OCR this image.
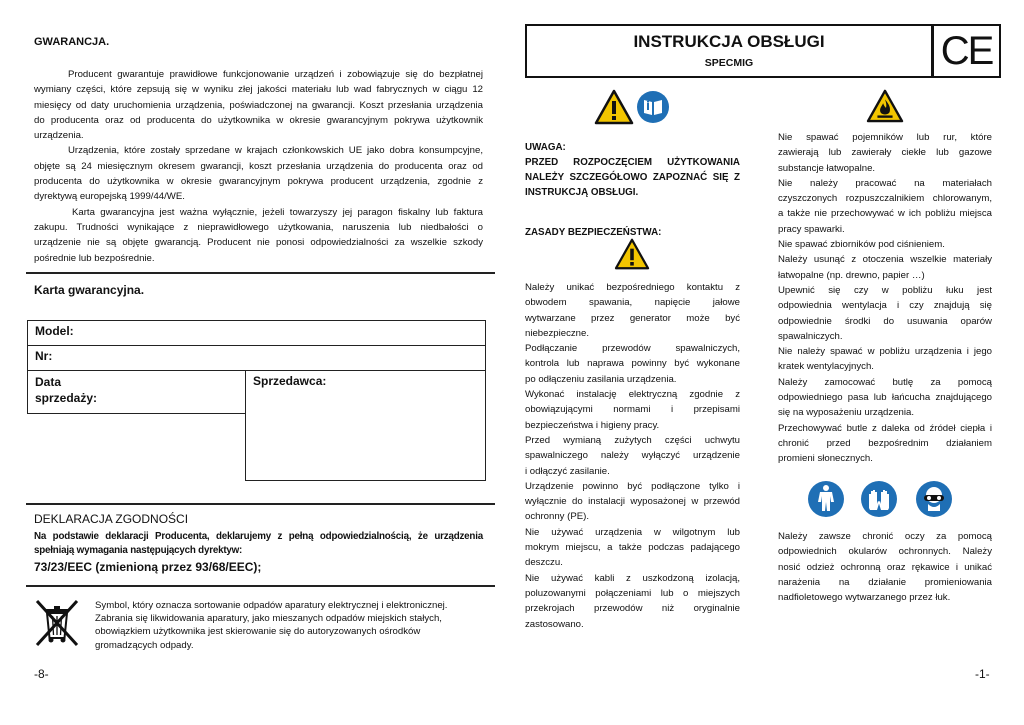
GWARANCJA.
Producent gwarantuje prawidłowe funkcjonowanie urządzeń i zobowiązuje się do bezpłatnej
wymiany części, które zepsują się w wyniku złej jakości materiału lub wad fabrycznych w ciągu 12
miesięcy od daty uruchomienia urządzenia, poświadczonej na gwarancji. Koszt przesłania urządzenia
do producenta oraz od producenta do użytkownika w okresie gwarancyjnym pokrywa użytkownik
urządzenia.
Urządzenia, które zostały sprzedane w krajach członkowskich UE jako dobra konsumpcyjne,
objęte są 24 miesięcznym okresem gwarancji, koszt przesłania urządzenia do producenta oraz od
producenta do użytkownika w okresie gwarancyjnym pokrywa producent urządzenia, zgodnie z
dyrektywą europejską 1999/44/WE.
Karta gwarancyjna jest ważna wyłącznie, jeżeli towarzyszy jej paragon fiskalny lub faktura
zakupu. Trudności wynikające z nieprawidłowego użytkowania, naruszenia lub niedbałości o
urządzenie nie są objęte gwarancją. Producent nie ponosi odpowiedzialności za wszelkie szkody
pośrednie lub bezpośrednie.
Karta gwarancyjna.
Model:
Nr:
Data
sprzedaży:
Sprzedawca:
DEKLARACJA ZGODNOŚCI
Na podstawie deklaracji Producenta, deklarujemy z pełną odpowiedzialnością, że urządzenia
spełniają wymagania następujących dyrektyw:
73/23/EEC (zmienioną przez 93/68/EEC);
Symbol, który oznacza sortowanie odpadów aparatury elektrycznej i elektronicznej.
Zabrania się likwidowania aparatury, jako mieszanych odpadów miejskich stałych,
obowiązkiem użytkownika jest skierowanie się do autoryzowanych ośrodków
gromadzących odpady.
-8-
INSTRUKCJA OBSŁUGI
SPECMIG	CE
UWAGA:
PRZED ROZPOCZĘCIEM UŻYTKOWANIA
NALEŻY SZCZEGÓŁOWO ZAPOZNAĆ SIĘ Z
INSTRUKCJĄ OBSŁUGI.
ZASADY BEZPIECZEŃSTWA:
Należy unikać bezpośredniego kontaktu z
obwodem spawania, napięcie jałowe
wytwarzane przez generator może być
niebezpieczne.
Podłączanie przewodów spawalniczych,
kontrola lub naprawa powinny być wykonane
po odłączeniu zasilania urządzenia.
Wykonać instalację elektryczną zgodnie z
obowiązującymi normami i przepisami
bezpieczeństwa i higieny pracy.
Przed wymianą zużytych części uchwytu
spawalniczego należy wyłączyć urządzenie
i odłączyć zasilanie.
Urządzenie powinno być podłączone tylko i
wyłącznie do instalacji wyposażonej w przewód
ochronny (PE).
Nie używać urządzenia w wilgotnym lub
mokrym miejscu, a także podczas padającego
deszczu.
Nie używać kabli z uszkodzoną izolacją,
poluzowanymi połączeniami lub o miejszych
przekrojach przewodów niż oryginalnie
zastosowano.
Nie spawać pojemników lub rur, które
zawierają lub zawierały ciekłe lub gazowe
substancje łatwopalne.
Nie należy pracować na materiałach
czyszczonych rozpuszczalnikiem chlorowanym,
a także nie przechowywać w ich pobliżu miejsca
pracy spawarki.
Nie spawać zbiorników pod ciśnieniem.
Należy usunąć z otoczenia wszelkie materiały
łatwopalne (np. drewno, papier …)
Upewnić się czy w pobliżu łuku jest
odpowiednia wentylacja i czy znajdują się
odpowiednie środki do usuwania oparów
spawalniczych.
Nie należy spawać w pobliżu urządzenia i jego
kratek wentylacyjnych.
Należy zamocować butlę za pomocą
odpowiedniego pasa lub łańcucha znajdującego
się na wyposażeniu urządzenia.
Przechowywać butle z daleka od źródeł ciepła i
chronić przed bezpośrednim działaniem
promieni słonecznych.
Należy zawsze chronić oczy za pomocą
odpowiednich okularów ochronnych. Należy
nosić odzież ochronną oraz rękawice i unikać
narażenia na działanie promieniowania
nadfioletowego wytwarzanego przez łuk.
-1-
